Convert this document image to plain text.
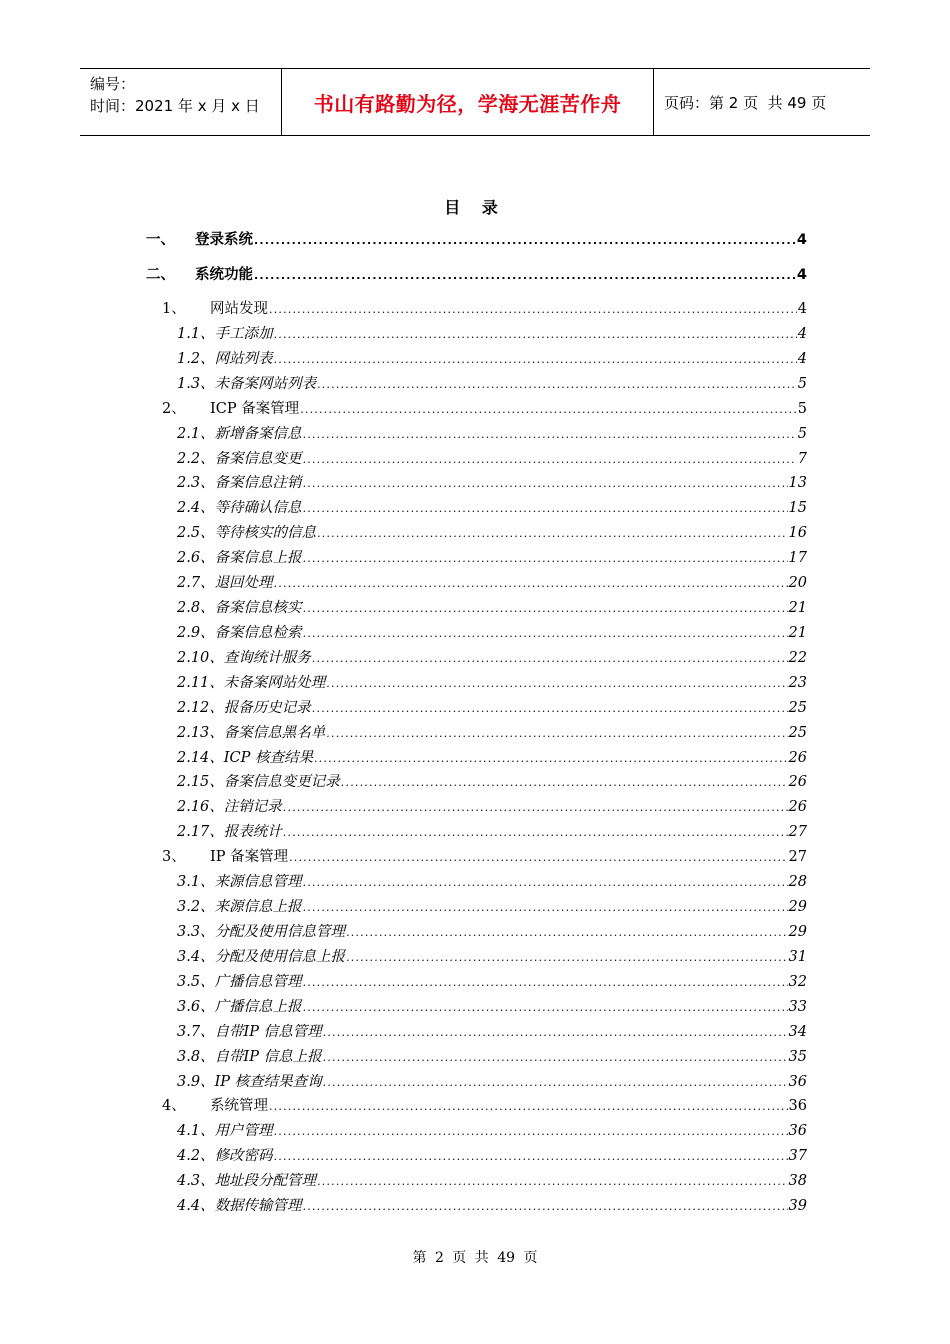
编号：
时间：2021 年 x 月 x 日	书山有路勤为径，学海无涯苦作舟	页码：第 2 页  共 49 页
目 录
一、	登录系统 .....	4
二、	系统功能 .....	4
1、	网站发现 .....	4
1.1、 手工添加 .....	4
1.2、 网站列表 .....	4
1.3、 未备案网站列表 .....	5
2、	ICP 备案管理 .....	5
2.1、 新增备案信息 .....	5
2.2、 备案信息变更 .....	7
2.3、 备案信息注销 .....	13
2.4、 等待确认信息 .....	15
2.5、 等待核实的信息 .....	16
2.6、 备案信息上报 .....	17
2.7、 退回处理 .....	20
2.8、 备案信息核实 .....	21
2.9、 备案信息检索 .....	21
2.10、 查询统计服务 .....	22
2.11、 未备案网站处理 .....	23
2.12、 报备历史记录 .....	25
2.13、 备案信息黑名单 .....	25
2.14、 ICP 核查结果 .....	26
2.15、 备案信息变更记录 .....	26
2.16、 注销记录 .....	26
2.17、 报表统计 .....	27
3、	IP 备案管理 .....	27
3.1、 来源信息管理 .....	28
3.2、 来源信息上报 .....	29
3.3、 分配及使用信息管理 .....	29
3.4、 分配及使用信息上报 .....	31
3.5、 广播信息管理 .....	32
3.6、 广播信息上报 .....	33
3.7、 自带IP 信息管理 .....	34
3.8、 自带IP 信息上报 .....	35
3.9、 IP 核查结果查询 .....	36
4、	系统管理 .....	36
4.1、 用户管理 .....	36
4.2、 修改密码 .....	37
4.3、 地址段分配管理 .....	38
4.4、 数据传输管理 .....	39
第 2 页 共 49 页
